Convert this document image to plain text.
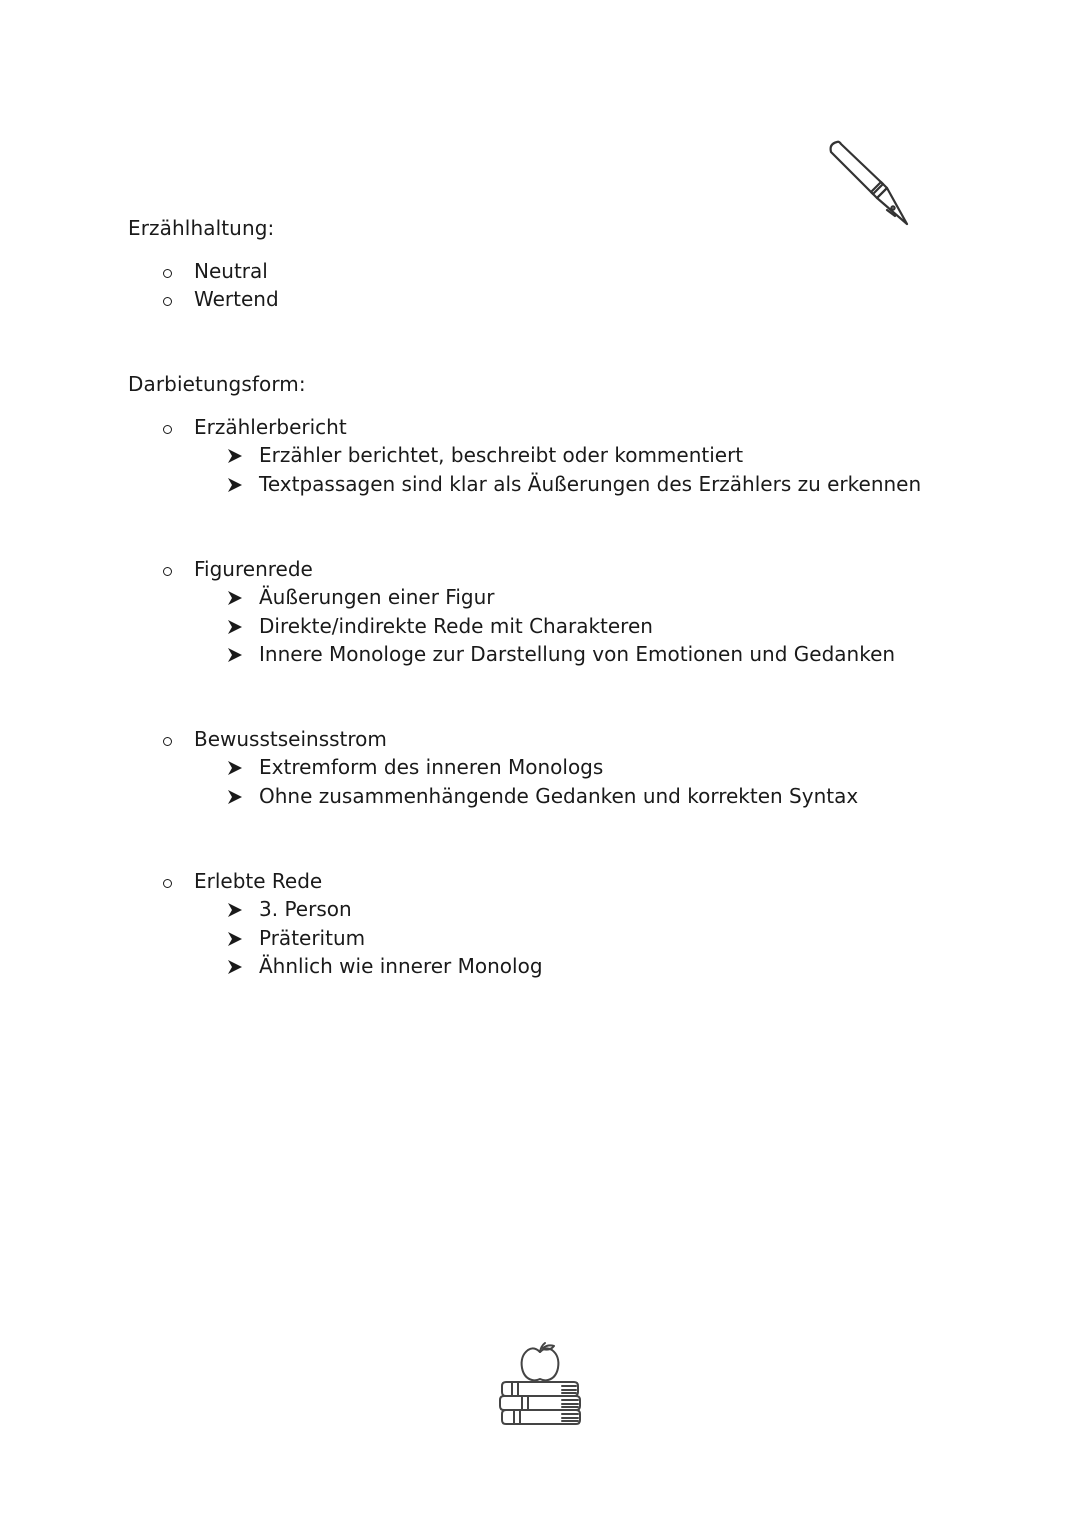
Erzählhaltung:
Neutral
Wertend
Darbietungsform:
Erzählerbericht
Erzähler berichtet, beschreibt oder kommentiert
Textpassagen sind klar als Äußerungen des Erzählers zu erkennen
Figurenrede
Äußerungen einer Figur
Direkte/indirekte Rede mit Charakteren
Innere Monologe zur Darstellung von Emotionen und Gedanken
Bewusstseinsstrom
Extremform des inneren Monologs
Ohne zusammenhängende Gedanken und korrekten Syntax
Erlebte Rede
3. Person
Präteritum
Ähnlich wie innerer Monolog
